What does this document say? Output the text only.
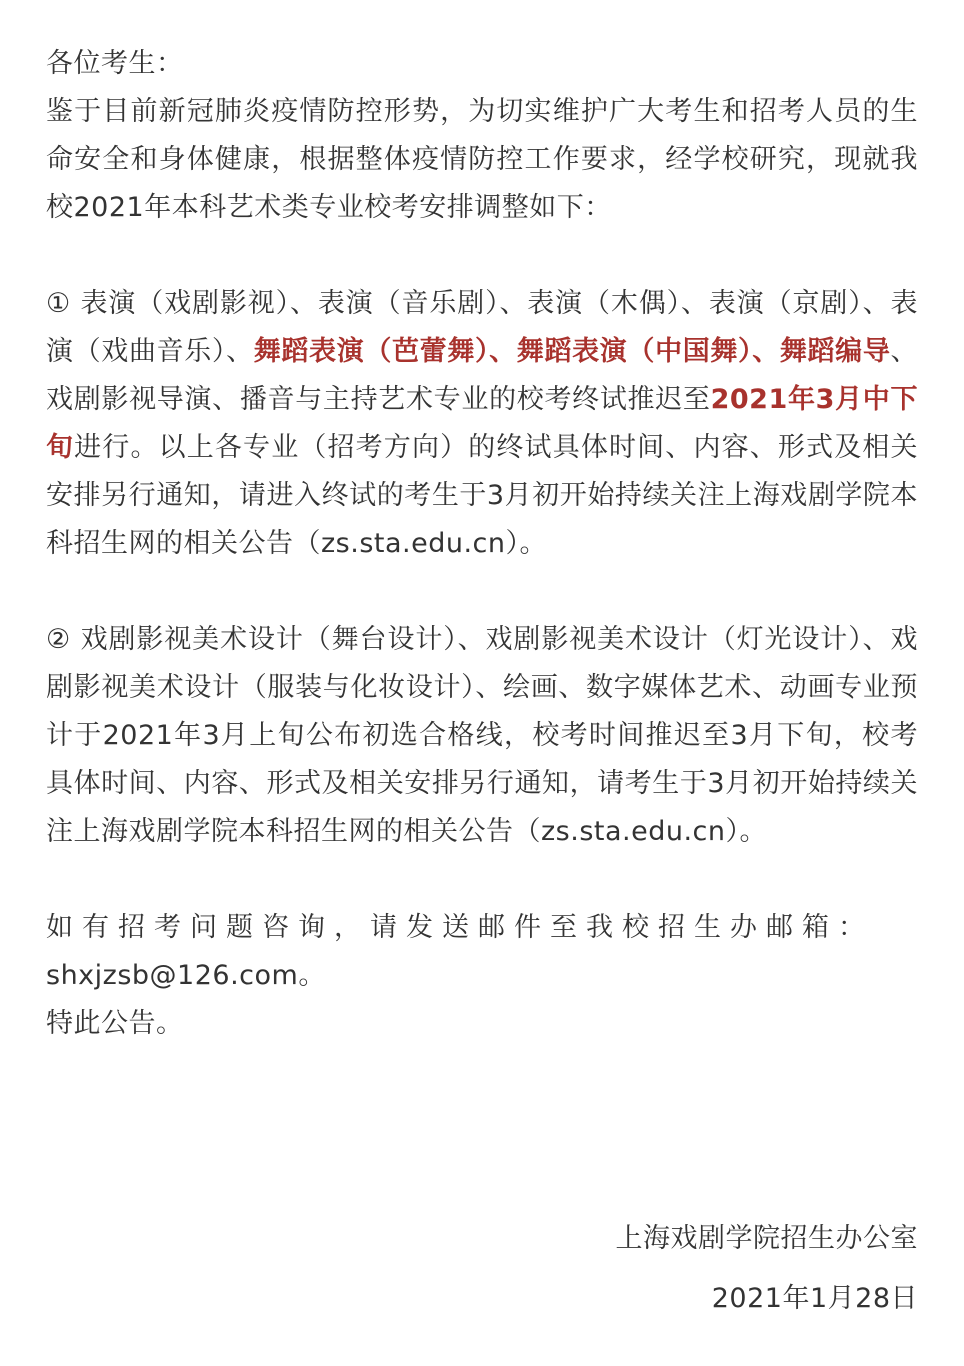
各位考生：

鉴于目前新冠肺炎疫情防控形势，为切实维护广大考生和招考人员的生命安全和身体健康，根据整体疫情防控工作要求，经学校研究，现就我校2021年本科艺术类专业校考安排调整如下：

① 表演（戏剧影视）、表演（音乐剧）、表演（木偶）、表演（京剧）、表演（戏曲音乐）、舞蹈表演（芭蕾舞）、舞蹈表演（中国舞）、舞蹈编导、戏剧影视导演、播音与主持艺术专业的校考终试推迟至2021年3月中下旬进行。以上各专业（招考方向）的终试具体时间、内容、形式及相关安排另行通知，请进入终试的考生于3月初开始持续关注上海戏剧学院本科招生网的相关公告（zs.sta.edu.cn）。

② 戏剧影视美术设计（舞台设计）、戏剧影视美术设计（灯光设计）、戏剧影视美术设计（服装与化妆设计）、绘画、数字媒体艺术、动画专业预计于2021年3月上旬公布初选合格线，校考时间推迟至3月下旬，校考具体时间、内容、形式及相关安排另行通知，请考生于3月初开始持续关注上海戏剧学院本科招生网的相关公告（zs.sta.edu.cn）。

如有招考问题咨询，请发送邮件至我校招生办邮箱：

shxjzsb@126.com。

特此公告。

上海戏剧学院招生办公室
2021年1月28日
